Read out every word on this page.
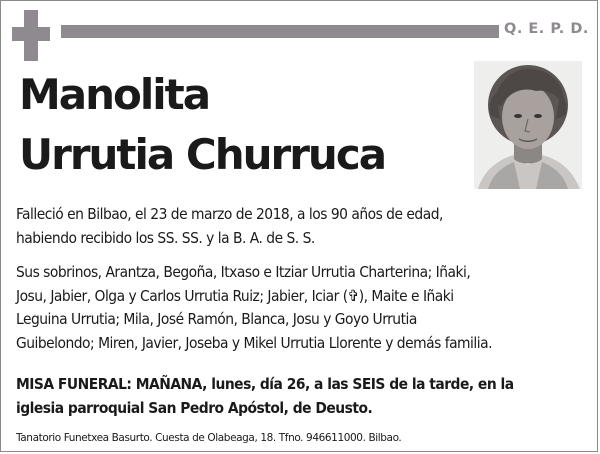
Q. E. P. D.
Manolita
Urrutia Churruca
Falleció en Bilbao, el 23 de marzo de 2018, a los 90 años de edad,
habiendo recibido los SS. SS. y la B. A. de S. S.
Sus sobrinos, Arantza, Begoña, Itxaso e Itziar Urrutia Charterina; Iñaki,
Josu, Jabier, Olga y Carlos Urrutia Ruiz; Jabier, Iciar (✞), Maite e Iñaki
Leguina Urrutia; Mila, José Ramón, Blanca, Josu y Goyo Urrutia
Guibelondo; Miren, Javier, Joseba y Mikel Urrutia Llorente y demás familia.
MISA FUNERAL: MAÑANA, lunes, día 26, a las SEIS de la tarde, en la
iglesia parroquial San Pedro Apóstol, de Deusto.
Tanatorio Funetxea Basurto. Cuesta de Olabeaga, 18. Tfno. 946611000. Bilbao.
